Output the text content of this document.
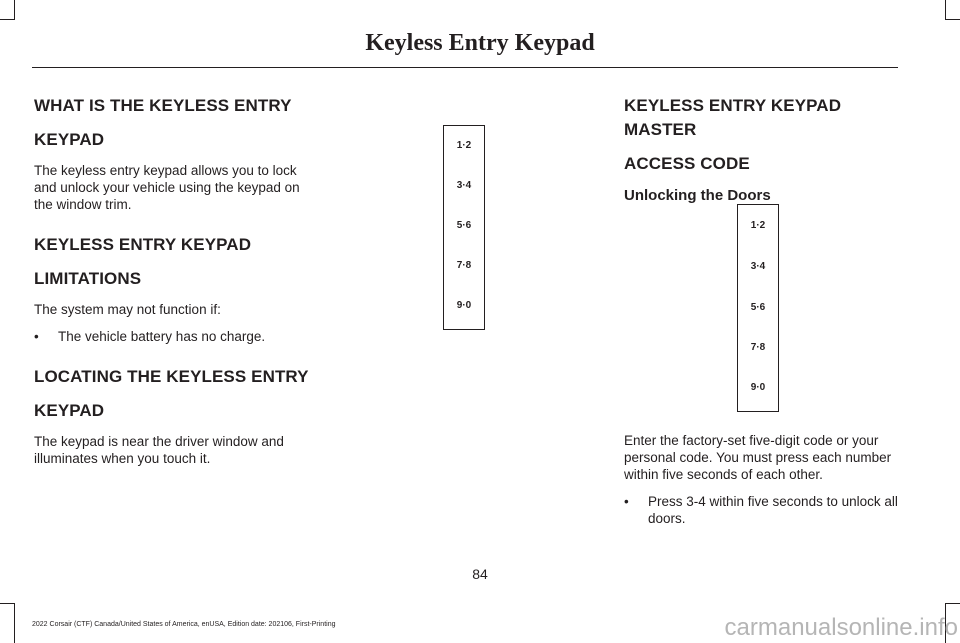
Keyless Entry Keypad
WHAT IS THE KEYLESS ENTRY
KEYPAD

The keyless entry keypad allows you to lock and unlock your vehicle using the keypad on the window trim.

KEYLESS ENTRY KEYPAD
LIMITATIONS

The system may not function if:

•	The vehicle battery has no charge.
LOCATING THE KEYLESS ENTRY
KEYPAD

The keypad is near the driver window and illuminates when you touch it.

1·2
3·4
5·6
7·8
9·0
KEYLESS ENTRY KEYPAD MASTER
ACCESS CODE
Unlocking the Doors
1·2
3·4
5·6
7·8
9·0

Enter the factory-set five-digit code or your personal code. You must press each number within five seconds of each other.

•	Press 3-4 within five seconds to unlock all doors.
84
2022 Corsair (CTF) Canada/United States of America, enUSA, Edition date: 202106, First-Printing	carmanualsonline.info
